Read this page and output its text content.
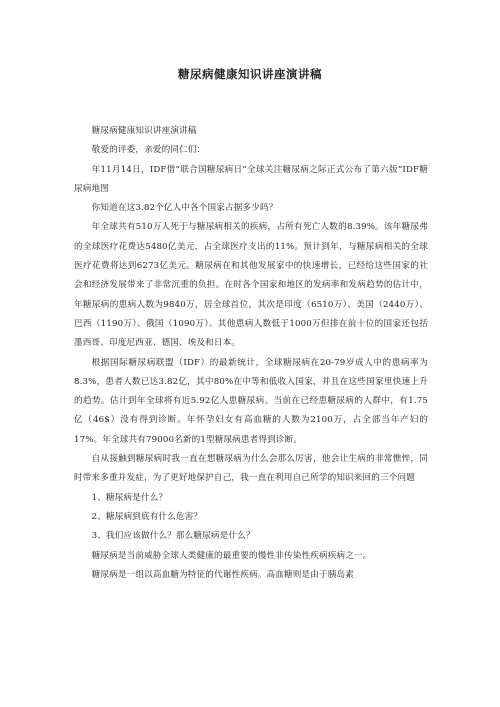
糖尿病健康知识讲座演讲稿

糖尿病健康知识讲座演讲稿

敬爱的评委，亲爱的同仁们：

年11月14日，IDF借“联合国糖尿病日”全球关注糖尿病之际正式公布了第六版“IDF糖尿病地图

你知道在这3.82个亿人中各个国家占据多少吗？

年全球共有510万人死于与糖尿病相关的疾病，占所有死亡人数的8.39%。该年糖尿弗的全球医疗花费达5480亿美元，占全球医疗支出的11%。预计到年，与糖尿病相关的全球医疗花费将达到6273亿美元。糖尿病在和其他发展家中的快速增长，已经给这些国家的社会和经济发展带来了非常沉重的负担。在时各个国家和地区的发病率和发病趋势的估计中，年糖尿病的患病人数为9840万，居全球首位，其次是印度（6510万）、美国（2440万）、巴西（1190万）、俄国（1090万）。其他患病人数低于1000万但排在前十位的国家还包括墨西哥、印度尼西亚、德国、埃及和日本。

根据国际糖尿病联盟（IDF）的最新统计，全球糖尿病在20-79岁成人中的患病率为8.3%，患者人数已达3.82亿，其中80%在中等和低收入国家，并且在这些国家里快速上升的趋势。估计到年全球将有近5.92亿人患糖尿病。当前在已经患糖尿病的人群中，有1.75亿（46$）没有得到诊断。年怀孕妇女有高血糖的人数为2100万，占全部当年产妇的17%。年全球共有79000名新的1型糖尿病患者得到诊断。

自从接触到糖尿病时我一直在想糖尿病为什么会那么厉害，他会让生病的非常憔悴，同时带来多重并发症，为了更好地保护自己，我一直在利用自己所学的知识来回的三个问题

1、糖尿病是什么？

2、糖尿病到底有什么危害？

3、我们应该做什么？那么糖尿病是什么？

糖尿病是当前威胁全球人类健康的最重要的慢性非传染性疾病疾病之一。

糖尿病是一组以高血糖为特征的代谢性疾病。高血糖则是由于胰岛素
